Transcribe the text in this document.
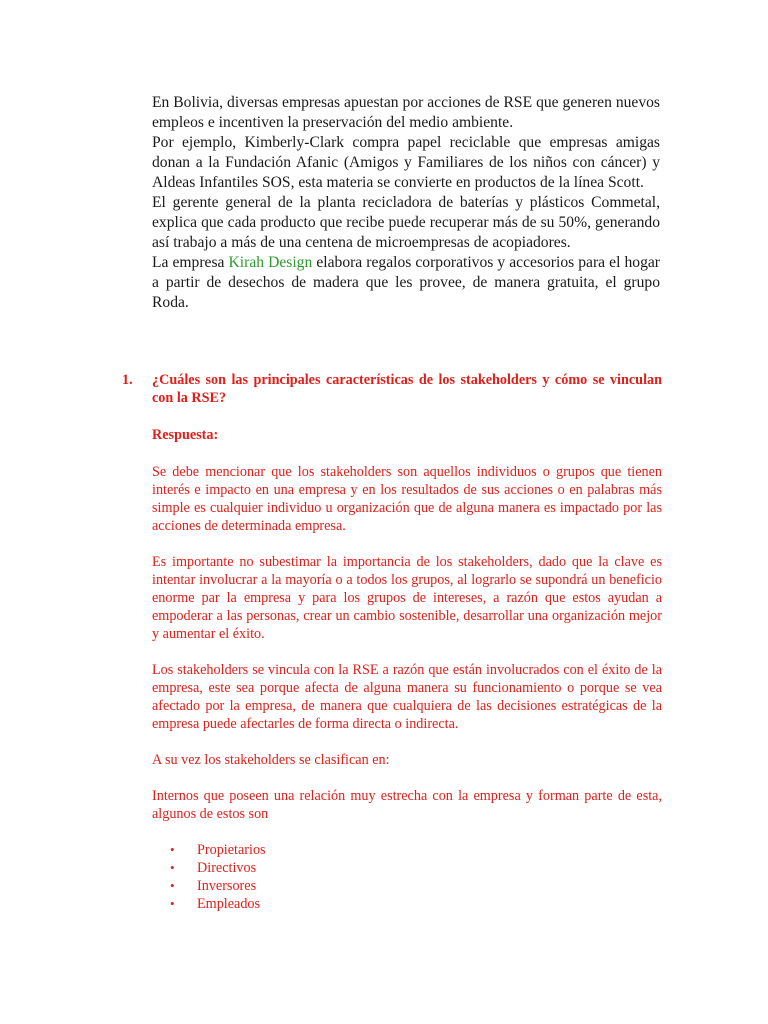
En Bolivia, diversas empresas apuestan por acciones de RSE que generen nuevos empleos e incentiven la preservación del medio ambiente.

Por ejemplo, Kimberly-Clark compra papel reciclable que empresas amigas donan a la Fundación Afanic (Amigos y Familiares de los niños con cáncer) y Aldeas Infantiles SOS, esta materia se convierte en productos de la línea Scott.

El gerente general de la planta recicladora de baterías y plásticos Commetal, explica que cada producto que recibe puede recuperar más de su 50%, generando así trabajo a más de una centena de microempresas de acopiadores.

La empresa Kirah Design elabora regalos corporativos y accesorios para el hogar a partir de desechos de madera que les provee, de manera gratuita, el grupo Roda.

1.	¿Cuáles son las principales características de los stakeholders y cómo se vinculan con la RSE?
Respuesta:

Se debe mencionar que los stakeholders son aquellos individuos o grupos que tienen interés e impacto en una empresa y en los resultados de sus acciones o en palabras más simple es cualquier individuo u organización que de alguna manera es impactado por las acciones de determinada empresa.

Es importante no subestimar la importancia de los stakeholders, dado que la clave es intentar involucrar a la mayoría o a todos los grupos, al lograrlo se supondrá un beneficio enorme par la empresa y para los grupos de intereses, a razón que estos ayudan a empoderar a las personas, crear un cambio sostenible, desarrollar una organización mejor y aumentar el éxito.

Los stakeholders se vincula con la RSE a razón que están involucrados con el éxito de la empresa, este sea porque afecta de alguna manera su funcionamiento o porque se vea afectado por la empresa, de manera que cualquiera de las decisiones estratégicas de la empresa puede afectarles de forma directa o indirecta.

A su vez los stakeholders se clasifican en:

Internos que poseen una relación muy estrecha con la empresa y forman parte de esta, algunos de estos son

•	Propietarios
•	Directivos
•	Inversores
•	Empleados
